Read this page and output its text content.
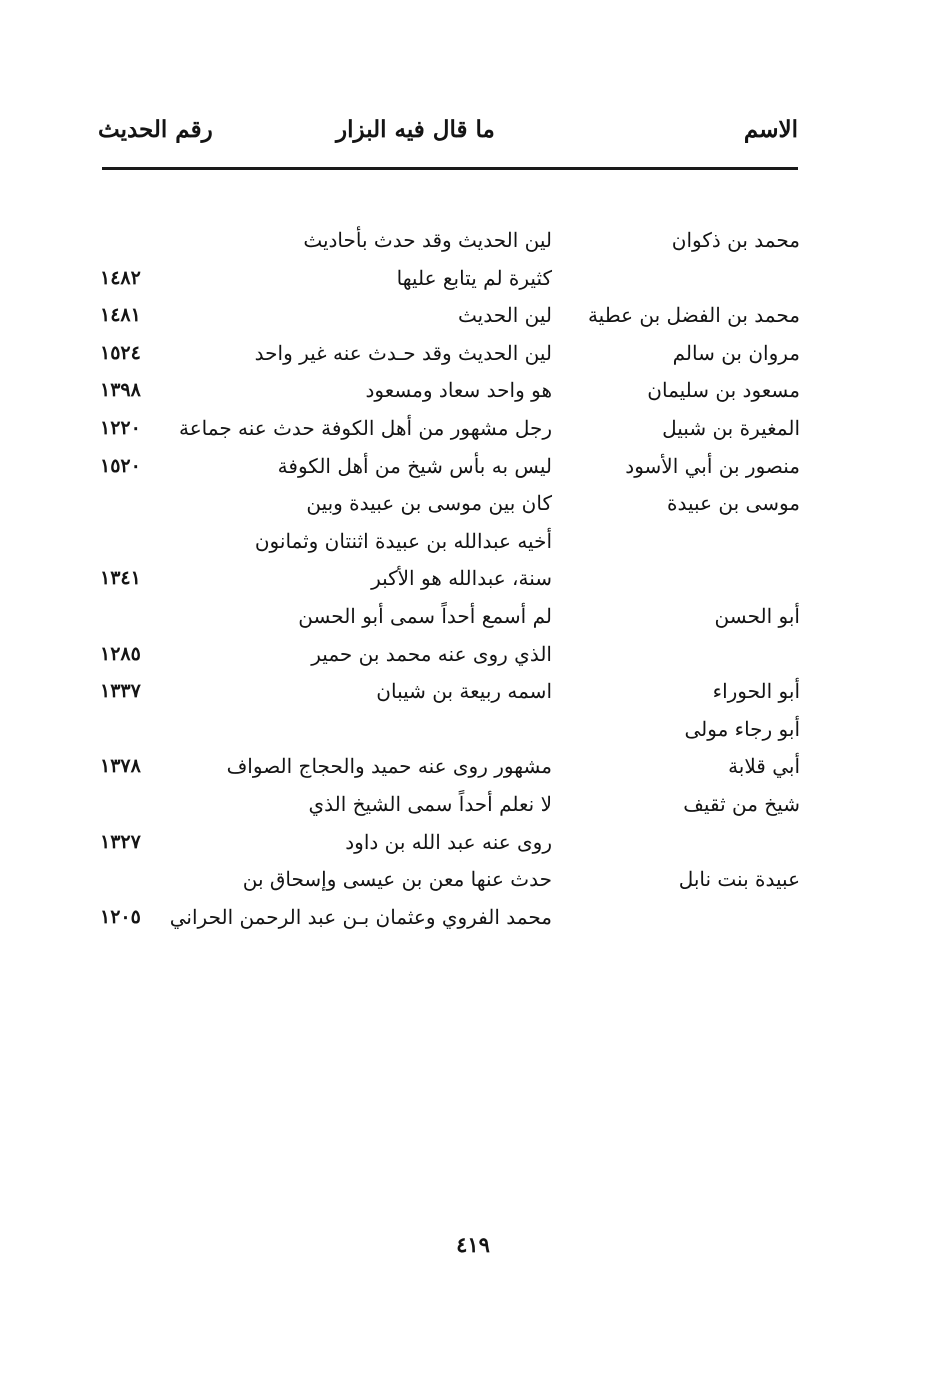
الاسم
ما قال فيه البزار
رقم الحديث
محمد بن ذكوان
لين الحديث وقد حدث بأحاديث
كثيرة لم يتابع عليها
١٤٨٢
محمد بن الفضل بن عطية
لين الحديث
١٤٨١
مروان بن سالم
لين الحديث وقد حـدث عنه غير واحد
١٥٢٤
مسعود بن سليمان
هو واحد سعاد ومسعود
١٣٩٨
المغيرة بن شبيل
رجل مشهور من أهل الكوفة حدث عنه جماعة
١٢٢٠
منصور بن أبي الأسود
ليس به بأس شيخ من أهل الكوفة
١٥٢٠
موسى بن عبيدة
كان بين موسى بن عبيدة وبين
أخيه عبدالله بن عبيدة اثنتان وثمانون
سنة، عبدالله هو الأكبر
١٣٤١
أبو الحسن
لم أسمع أحداً سمى أبو الحسن
الذي روى عنه محمد بن حمير
١٢٨٥
أبو الحوراء
اسمه ربيعة بن شيبان
١٣٣٧
أبو رجاء مولى
أبي قلابة
مشهور روى عنه حميد والحجاج الصواف
١٣٧٨
شيخ من ثقيف
لا نعلم أحداً سمى الشيخ الذي
روى عنه عبد الله بن داود
١٣٢٧
عبيدة بنت نابل
حدث عنها معن بن عيسى وإسحاق بن
محمد الفروي وعثمان بـن عبد الرحمن الحراني
١٢٠٥
٤١٩
